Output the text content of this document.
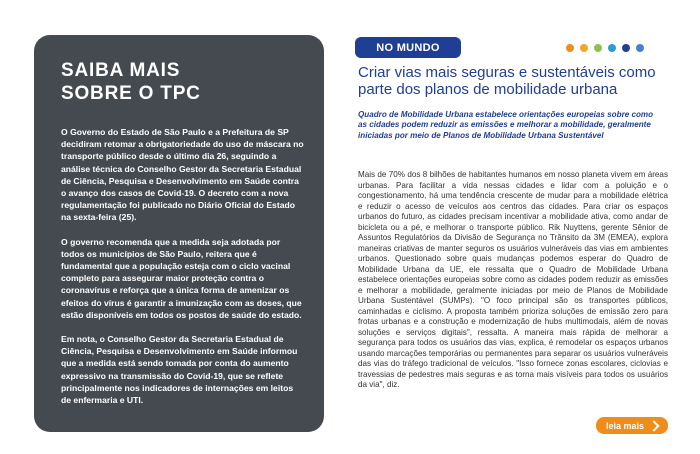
SAIBA MAIS
SOBRE O TPC

O Governo do Estado de São Paulo e a Prefeitura de SP decidiram retomar a obrigatoriedade do uso de máscara no transporte público desde o último dia 26, seguindo a análise técnica do Conselho Gestor da Secretaria Estadual de Ciência, Pesquisa e Desenvolvimento em Saúde contra o avanço dos casos de Covid-19. O decreto com a nova regulamentação foi publicado no Diário Oficial do Estado na sexta-feira (25).

O governo recomenda que a medida seja adotada por todos os municípios de São Paulo, reitera que é fundamental que a população esteja com o ciclo vacinal completo para assegurar maior proteção contra o coronavírus e reforça que a única forma de amenizar os efeitos do vírus é garantir a imunização com as doses, que estão disponíveis em todos os postos de saúde do estado.

Em nota, o Conselho Gestor da Secretaria Estadual de Ciência, Pesquisa e Desenvolvimento em Saúde informou que a medida está sendo tomada por conta do aumento expressivo na transmissão do Covid-19, que se reflete principalmente nos indicadores de internações em leitos de enfermaria e UTI.

NO MUNDO
Criar vias mais seguras e sustentáveis como parte dos planos de mobilidade urbana

Quadro de Mobilidade Urbana estabelece orientações europeias sobre como as cidades podem reduzir as emissões e melhorar a mobilidade, geralmente iniciadas por meio de Planos de Mobilidade Urbana Sustentável

Mais de 70% dos 8 bilhões de habitantes humanos em nosso planeta vivem em áreas urbanas. Para facilitar a vida nessas cidades e lidar com a poluição e o congestionamento, há uma tendência crescente de mudar para a mobilidade elétrica e reduzir o acesso de veículos aos centros das cidades. Para criar os espaços urbanos do futuro, as cidades precisam incentivar a mobilidade ativa, como andar de bicicleta ou a pé, e melhorar o transporte público. Rik Nuyttens, gerente Sênior de Assuntos Regulatórios da Divisão de Segurança no Trânsito da 3M (EMEA), explora maneiras criativas de manter seguros os usuários vulneráveis das vias em ambientes urbanos. Questionado sobre quais mudanças podemos esperar do Quadro de Mobilidade Urbana da UE, ele ressalta que o Quadro de Mobilidade Urbana estabelece orientações europeias sobre como as cidades podem reduzir as emissões e melhorar a mobilidade, geralmente iniciadas por meio de Planos de Mobilidade Urbana Sustentável (SUMPs). "O foco principal são os transportes públicos, caminhadas e ciclismo. A proposta também prioriza soluções de emissão zero para frotas urbanas e a construção e modernização de hubs multimodais, além de novas soluções e serviços digitais", ressalta. A maneira mais rápida de melhorar a segurança para todos os usuários das vias, explica, é remodelar os espaços urbanos usando marcações temporárias ou permanentes para separar os usuários vulneráveis das vias do tráfego tradicional de veículos. "Isso fornece zonas escolares, ciclovias e travessias de pedestres mais seguras e as torna mais visíveis para todos os usuários da via", diz.

leia mais
